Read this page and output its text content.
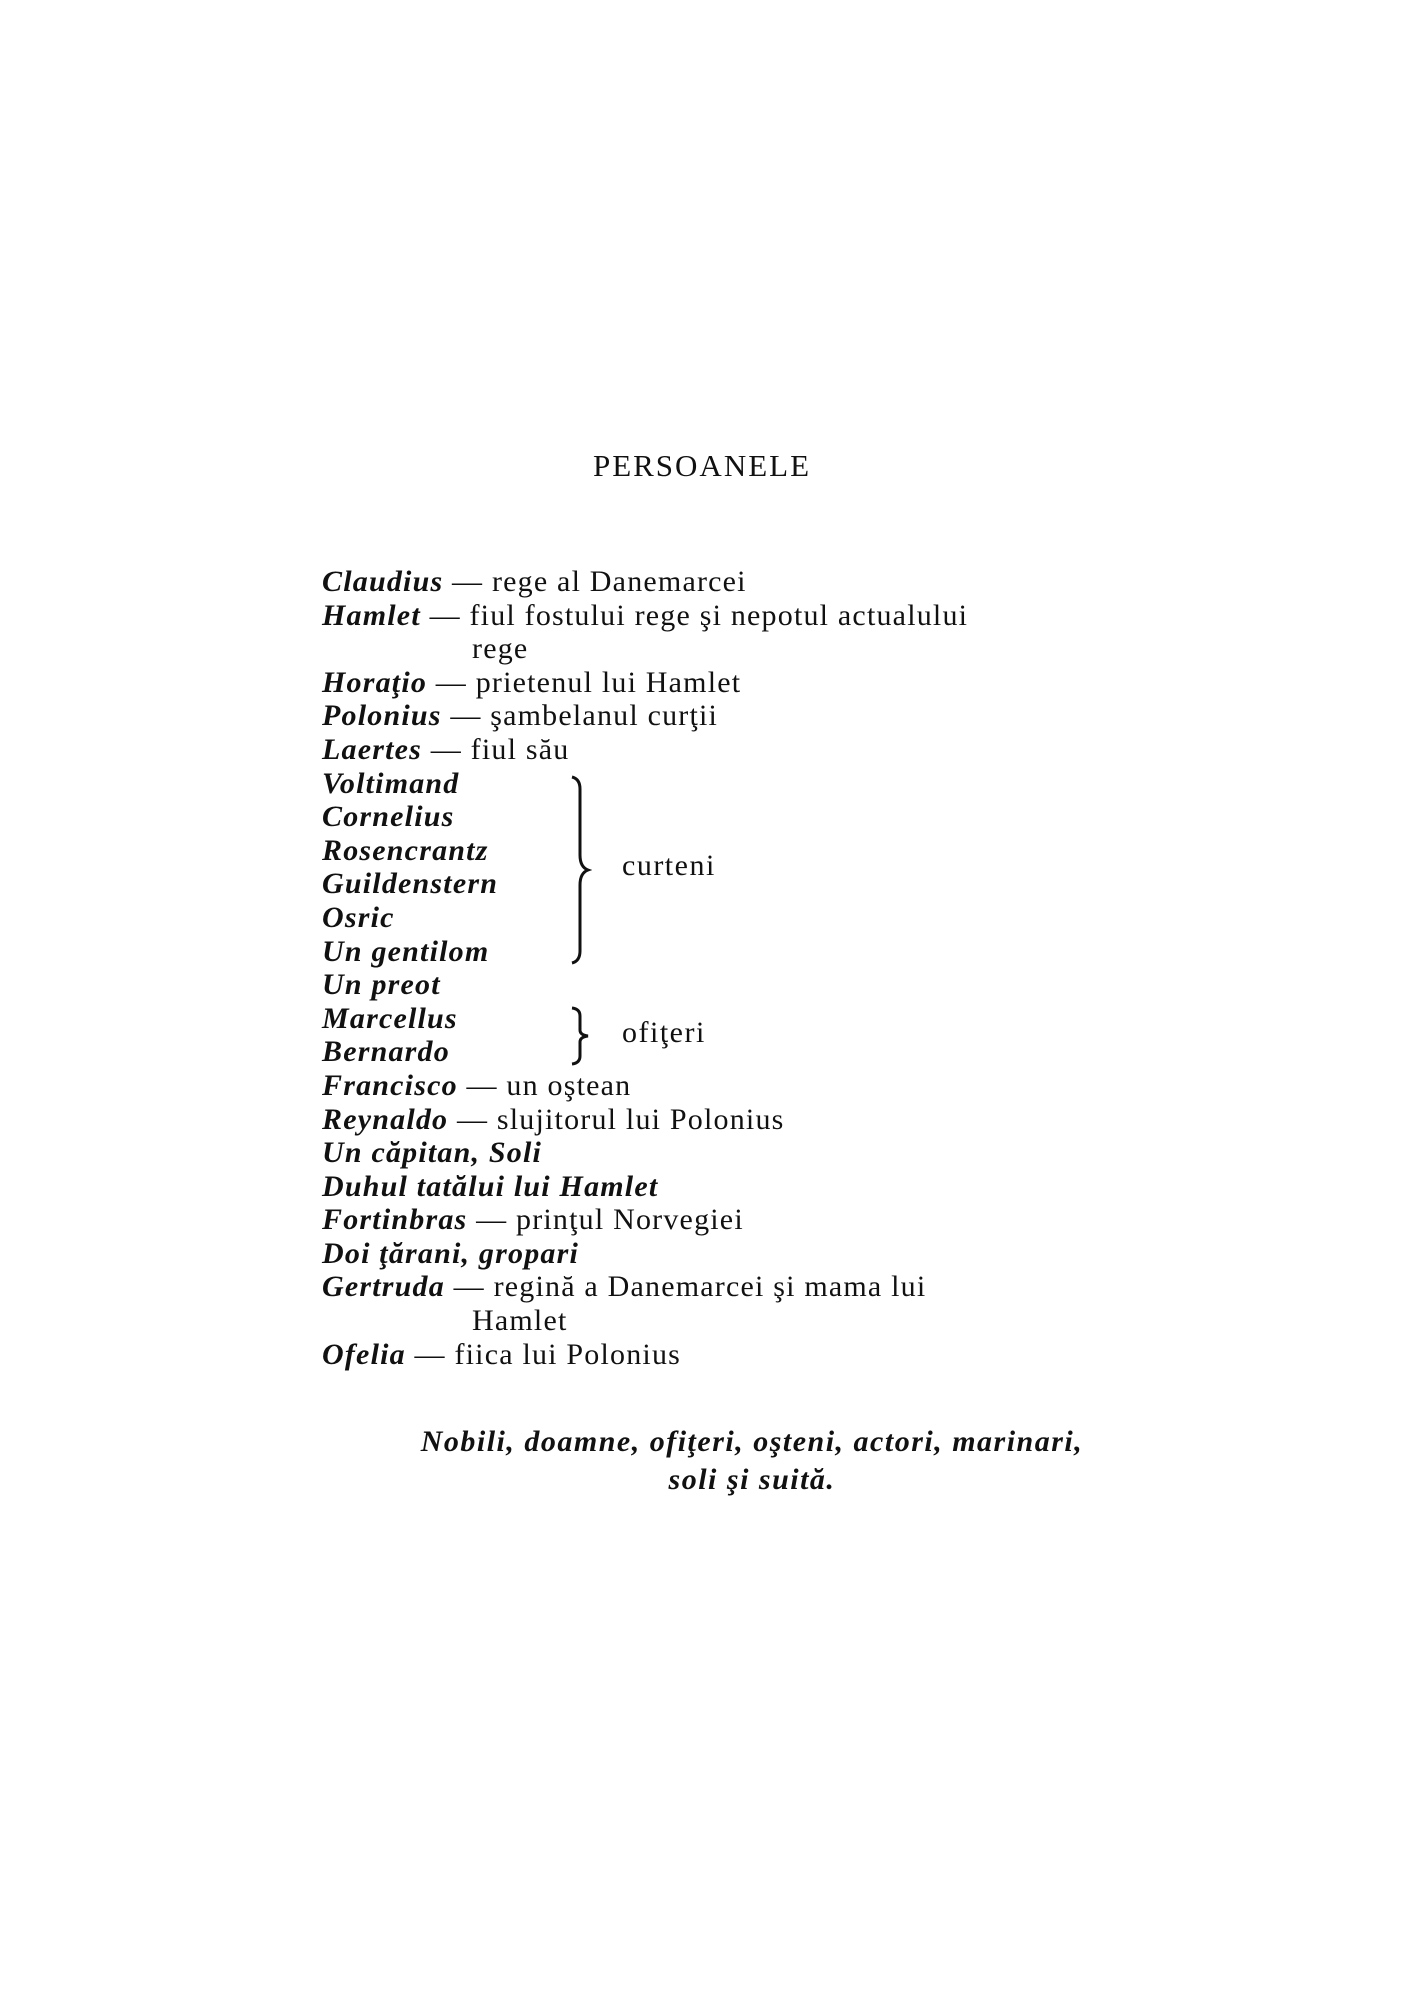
PERSOANELE
Claudius — rege al Danemarcei
Hamlet — fiul fostului rege şi nepotul actualului
rege
Horaţio — prietenul lui Hamlet
Polonius — şambelanul curţii
Laertes — fiul său
Voltimand
Cornelius
Rosencrantz
Guildenstern
Osric
Un gentilom
curteni
Un preot
Marcellus
Bernardo
ofiţeri
Francisco — un oştean
Reynaldo — slujitorul lui Polonius
Un căpitan, Soli
Duhul tatălui lui Hamlet
Fortinbras — prinţul Norvegiei
Doi ţărani, gropari
Gertruda — regină a Danemarcei şi mama lui
Hamlet
Ofelia — fiica lui Polonius
Nobili, doamne, ofiţeri, oşteni, actori, marinari,
soli şi suită.
